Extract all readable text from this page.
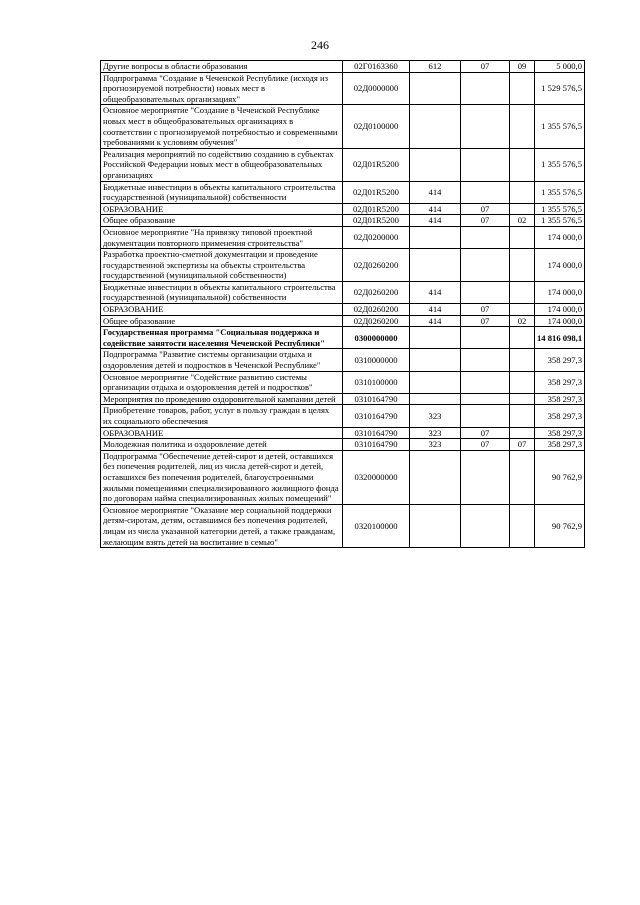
246
Другие вопросы в области образования	02Г0163360	612	07	09	5 000,0
Подпрограмма "Создание в Чеченской Республике (исходя из прогнозируемой потребности) новых мест в общеобразовательных организациях"	02Д0000000				1 529 576,5
Основное мероприятие "Создание в Чеченской Республике новых мест в общеобразовательных организациях в соответствии с прогнозируемой потребностью и современными требованиями к условиям обучения"	02Д0100000				1 355 576,5
Реализация мероприятий по содействию созданию в субъектах Российской Федерации новых мест в общеобразовательных организациях	02Д01R5200				1 355 576,5
Бюджетные инвестиции в объекты капитального строительства государственной (муниципальной) собственности	02Д01R5200	414			1 355 576,5
ОБРАЗОВАНИЕ	02Д01R5200	414	07		1 355 576,5
Общее образование	02Д01R5200	414	07	02	1 355 576,5
Основное мероприятие "На привязку типовой проектной документации повторного применения строительства"	02Д0200000				174 000,0
Разработка проектно-сметной документации и проведение государственной экспертизы на объекты строительства государственной (муниципальной собственности)	02Д0260200				174 000,0
Бюджетные инвестиции в объекты капитального строительства государственной (муниципальной) собственности	02Д0260200	414			174 000,0
ОБРАЗОВАНИЕ	02Д0260200	414	07		174 000,0
Общее образование	02Д0260200	414	07	02	174 000,0
Государственная программа "Социальная поддержка и содействие занятости населения Чеченской Республики"	0300000000				14 816 098,1
Подпрограмма "Развитие системы организации отдыха и оздоровления детей и подростков в Чеченской Республике"	0310000000				358 297,3
Основное мероприятие "Содействие развитию системы организации отдыха и оздоровления детей и подростков"	0310100000				358 297,3
Мероприятия по проведению оздоровительной кампании детей	0310164790				358 297,3
Приобретение товаров, работ, услуг в пользу граждан в целях их социального обеспечения	0310164790	323			358 297,3
ОБРАЗОВАНИЕ	0310164790	323	07		358 297,3
Молодежная политика и оздоровление детей	0310164790	323	07	07	358 297,3
Подпрограмма "Обеспечение детей-сирот и детей, оставшихся без попечения родителей, лиц из числа детей-сирот и детей, оставшихся без попечения родителей, благоустроенными жилыми помещениями специализированного жилищного фонда по договорам найма специализированных жилых помещений"	0320000000				90 762,9
Основное мероприятие "Оказание мер социальной поддержки детям-сиротам, детям, оставшимся без попечения родителей, лицам из числа указанной категории детей, а также гражданам, желающим взять детей на воспитание в семью"	0320100000				90 762,9
